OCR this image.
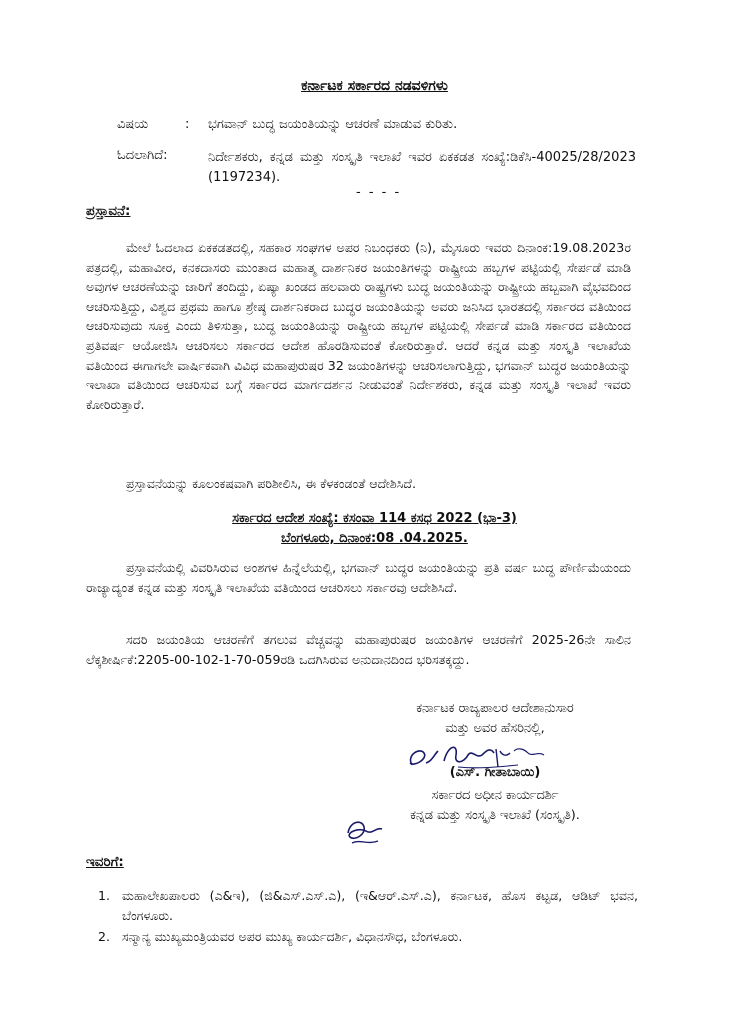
ಕರ್ನಾಟಕ ಸರ್ಕಾರದ ನಡವಳಿಗಳು
ವಿಷಯ	: ಭಗವಾನ್ ಬುದ್ಧ ಜಯಂತಿಯನ್ನು ಆಚರಣೆ ಮಾಡುವ ಕುರಿತು.
ಓದಲಾಗಿದೆ:	ನಿರ್ದೇಶಕರು, ಕನ್ನಡ ಮತ್ತು ಸಂಸ್ಕೃತಿ ಇಲಾಖೆ ಇವರ ಏಕಕಡತ ಸಂಖ್ಯೆ:ಡಿಕೆಸಿ-40025/28/2023 (1197234).
- - - -
ಪ್ರಸ್ತಾವನೆ:
ಮೇಲೆ ಓದಲಾದ ಏಕಕಡತದಲ್ಲಿ, ಸಹಕಾರ ಸಂಘಗಳ ಅಪರ ನಿಬಂಧಕರು (ನಿ), ಮೈಸೂರು ಇವರು ದಿನಾಂಕ:19.08.2023ರ ಪತ್ರದಲ್ಲಿ, ಮಹಾವೀರ, ಕನಕದಾಸರು ಮುಂತಾದ ಮಹಾತ್ಮ ದಾರ್ಶನಿಕರ ಜಯಂತಿಗಳನ್ನು ರಾಷ್ಟ್ರೀಯ ಹಬ್ಬಗಳ ಪಟ್ಟಿಯಲ್ಲಿ ಸೇರ್ಪಡೆ ಮಾಡಿ ಅವುಗಳ ಆಚರಣೆಯನ್ನು ಜಾರಿಗೆ ತಂದಿದ್ದು, ಏಷ್ಯಾ ಖಂಡದ ಹಲವಾರು ರಾಷ್ಟ್ರಗಳು ಬುದ್ಧ ಜಯಂತಿಯನ್ನು ರಾಷ್ಟ್ರೀಯ ಹಬ್ಬವಾಗಿ ವೈಭವದಿಂದ ಆಚರಿಸುತ್ತಿದ್ದು, ವಿಶ್ವದ ಪ್ರಥಮ ಹಾಗೂ ಶ್ರೇಷ್ಠ ದಾರ್ಶನಿಕರಾದ ಬುದ್ಧರ ಜಯಂತಿಯನ್ನು ಅವರು ಜನಿಸಿದ ಭಾರತದಲ್ಲಿ ಸರ್ಕಾರದ ವತಿಯಿಂದ ಆಚರಿಸುವುದು ಸೂಕ್ತ ಎಂದು ತಿಳಿಸುತ್ತಾ, ಬುದ್ಧ ಜಯಂತಿಯನ್ನು ರಾಷ್ಟ್ರೀಯ ಹಬ್ಬಗಳ ಪಟ್ಟಿಯಲ್ಲಿ ಸೇರ್ಪಡೆ ಮಾಡಿ ಸರ್ಕಾರದ ವತಿಯಿಂದ ಪ್ರತಿವರ್ಷ ಆಯೋಜಿಸಿ ಆಚರಿಸಲು ಸರ್ಕಾರದ ಆದೇಶ ಹೊರಡಿಸುವಂತೆ ಕೋರಿರುತ್ತಾರೆ. ಆದರೆ ಕನ್ನಡ ಮತ್ತು ಸಂಸ್ಕೃತಿ ಇಲಾಖೆಯ ವತಿಯಿಂದ ಈಗಾಗಲೇ ವಾರ್ಷಿಕವಾಗಿ ವಿವಿಧ ಮಹಾಪುರುಷರ 32 ಜಯಂತಿಗಳನ್ನು ಆಚರಿಸಲಾಗುತ್ತಿದ್ದು, ಭಗವಾನ್ ಬುದ್ಧರ ಜಯಂತಿಯನ್ನು ಇಲಾಖಾ ವತಿಯಿಂದ ಆಚರಿಸುವ ಬಗ್ಗೆ ಸರ್ಕಾರದ ಮಾರ್ಗದರ್ಶನ ನೀಡುವಂತೆ ನಿರ್ದೇಶಕರು, ಕನ್ನಡ ಮತ್ತು ಸಂಸ್ಕೃತಿ ಇಲಾಖೆ ಇವರು ಕೋರಿರುತ್ತಾರೆ.
ಪ್ರಸ್ತಾವನೆಯನ್ನು ಕೂಲಂಕಷವಾಗಿ ಪರಿಶೀಲಿಸಿ, ಈ ಕೆಳಕಂಡಂತೆ ಆದೇಶಿಸಿದೆ.
ಸರ್ಕಾರದ ಆದೇಶ ಸಂಖ್ಯೆ: ಕಸಂವಾ 114 ಕಸಧ 2022 (ಭಾ-3)
ಬೆಂಗಳೂರು, ದಿನಾಂಕ:08 .04.2025.
ಪ್ರಸ್ತಾವನೆಯಲ್ಲಿ ವಿವರಿಸಿರುವ ಅಂಶಗಳ ಹಿನ್ನೆಲೆಯಲ್ಲಿ, ಭಗವಾನ್ ಬುದ್ಧರ ಜಯಂತಿಯನ್ನು ಪ್ರತಿ ವರ್ಷ ಬುದ್ಧ ಪೌರ್ಣಿಮೆಯಂದು ರಾಜ್ಯಾದ್ಯಂತ ಕನ್ನಡ ಮತ್ತು ಸಂಸ್ಕೃತಿ ಇಲಾಖೆಯ ವತಿಯಿಂದ ಆಚರಿಸಲು ಸರ್ಕಾರವು ಆದೇಶಿಸಿದೆ.
ಸದರಿ ಜಯಂತಿಯ ಆಚರಣೆಗೆ ತಗಲುವ ವೆಚ್ಚವನ್ನು ಮಹಾಪುರುಷರ ಜಯಂತಿಗಳ ಆಚರಣೆಗೆ 2025-26ನೇ ಸಾಲಿನ ಲೆಕ್ಕಶೀರ್ಷಿಕೆ:2205-00-102-1-70-059ರಡಿ ಒದಗಿಸಿರುವ ಅನುದಾನದಿಂದ ಭರಿಸತಕ್ಕದ್ದು.
ಕರ್ನಾಟಕ ರಾಜ್ಯಪಾಲರ ಆದೇಶಾನುಸಾರ
ಮತ್ತು ಅವರ ಹೆಸರಿನಲ್ಲಿ,
(ಎಸ್. ಗೀತಾಬಾಯಿ)
ಸರ್ಕಾರದ ಅಧೀನ ಕಾರ್ಯದರ್ಶಿ
ಕನ್ನಡ ಮತ್ತು ಸಂಸ್ಕೃತಿ ಇಲಾಖೆ (ಸಂಸ್ಕೃತಿ).
ಇವರಿಗೆ:
1. ಮಹಾಲೇಖಪಾಲರು (ಎ&ಇ), (ಜಿ&ಎಸ್.ಎಸ್.ಎ), (ಇ&ಆರ್.ಎಸ್.ಎ), ಕರ್ನಾಟಕ, ಹೊಸ ಕಟ್ಟಡ, ಆಡಿಟ್ ಭವನ, ಬೆಂಗಳೂರು.
2. ಸನ್ಮಾನ್ಯ ಮುಖ್ಯಮಂತ್ರಿಯವರ ಅಪರ ಮುಖ್ಯ ಕಾರ್ಯದರ್ಶಿ, ವಿಧಾನಸೌಧ, ಬೆಂಗಳೂರು.
